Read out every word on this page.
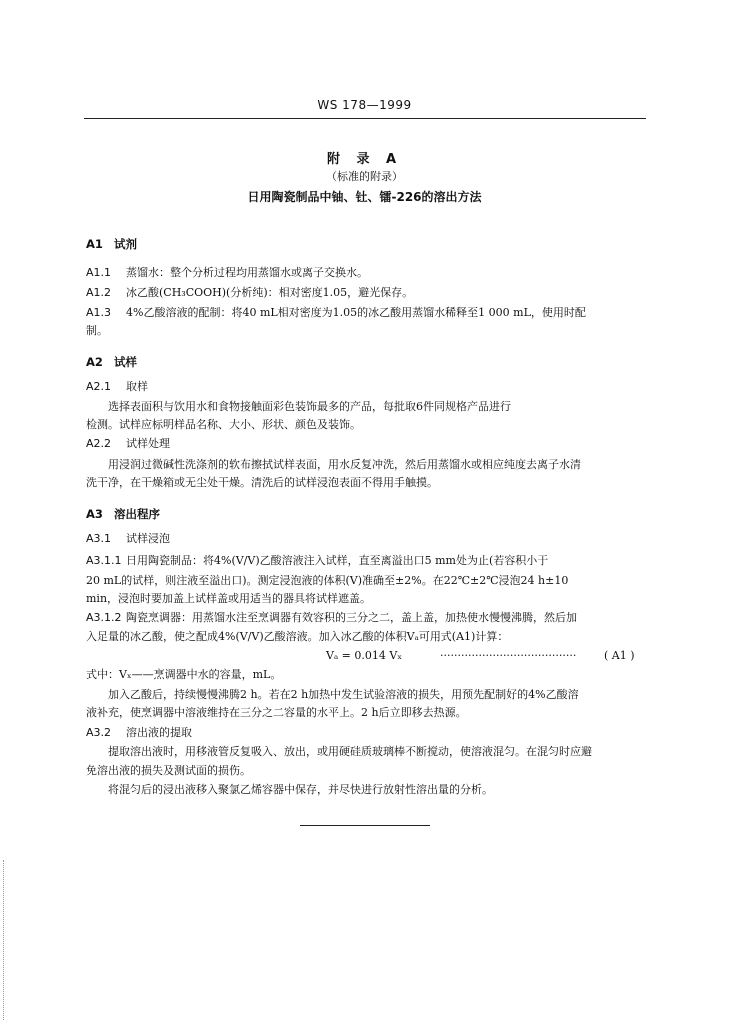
WS 178—1999
附 录 A
（标准的附录）
日用陶瓷制品中铀、钍、镭-226的溶出方法
A1 试剂
A1.1 蒸馏水：整个分析过程均用蒸馏水或离子交换水。
A1.2 冰乙酸(CH₃COOH)(分析纯)：相对密度1.05，避光保存。
A1.3 4%乙酸溶液的配制：将40 mL相对密度为1.05的冰乙酸用蒸馏水稀释至1 000 mL，使用时配
制。
A2 试样
A2.1 取样
选择表面积与饮用水和食物接触面彩色装饰最多的产品，每批取6件同规格产品进行
检测。试样应标明样品名称、大小、形状、颜色及装饰。
A2.2 试样处理
用浸润过微碱性洗涤剂的软布擦拭试样表面，用水反复冲洗，然后用蒸馏水或相应纯度去离子水清
洗干净，在干燥箱或无尘处干燥。清洗后的试样浸泡表面不得用手触摸。
A3 溶出程序
A3.1 试样浸泡
A3.1.1 日用陶瓷制品：将4%(V/V)乙酸溶液注入试样，直至离溢出口5 mm处为止(若容积小于
20 mL的试样，则注液至溢出口)。测定浸泡液的体积(V)准确至±2%。在22℃±2℃浸泡24 h±10
min，浸泡时要加盖上试样盖或用适当的器具将试样遮盖。
A3.1.2 陶瓷烹调器：用蒸馏水注至烹调器有效容积的三分之二，盖上盖，加热使水慢慢沸腾，然后加
入足量的冰乙酸，使之配成4%(V/V)乙酸溶液。加入冰乙酸的体积Vₐ可用式(A1)计算：
Vₐ = 0.014 Vₓ	·······································	( A1 )
式中：Vₓ——烹调器中水的容量，mL。
加入乙酸后，持续慢慢沸腾2 h。若在2 h加热中发生试验溶液的损失，用预先配制好的4%乙酸溶
液补充，使烹调器中溶液维持在三分之二容量的水平上。2 h后立即移去热源。
A3.2 溶出液的提取
提取溶出液时，用移液管反复吸入、放出，或用硬硅质玻璃棒不断搅动，使溶液混匀。在混匀时应避
免溶出液的损失及测试面的损伤。
将混匀后的浸出液移入聚氯乙烯容器中保存，并尽快进行放射性溶出量的分析。
